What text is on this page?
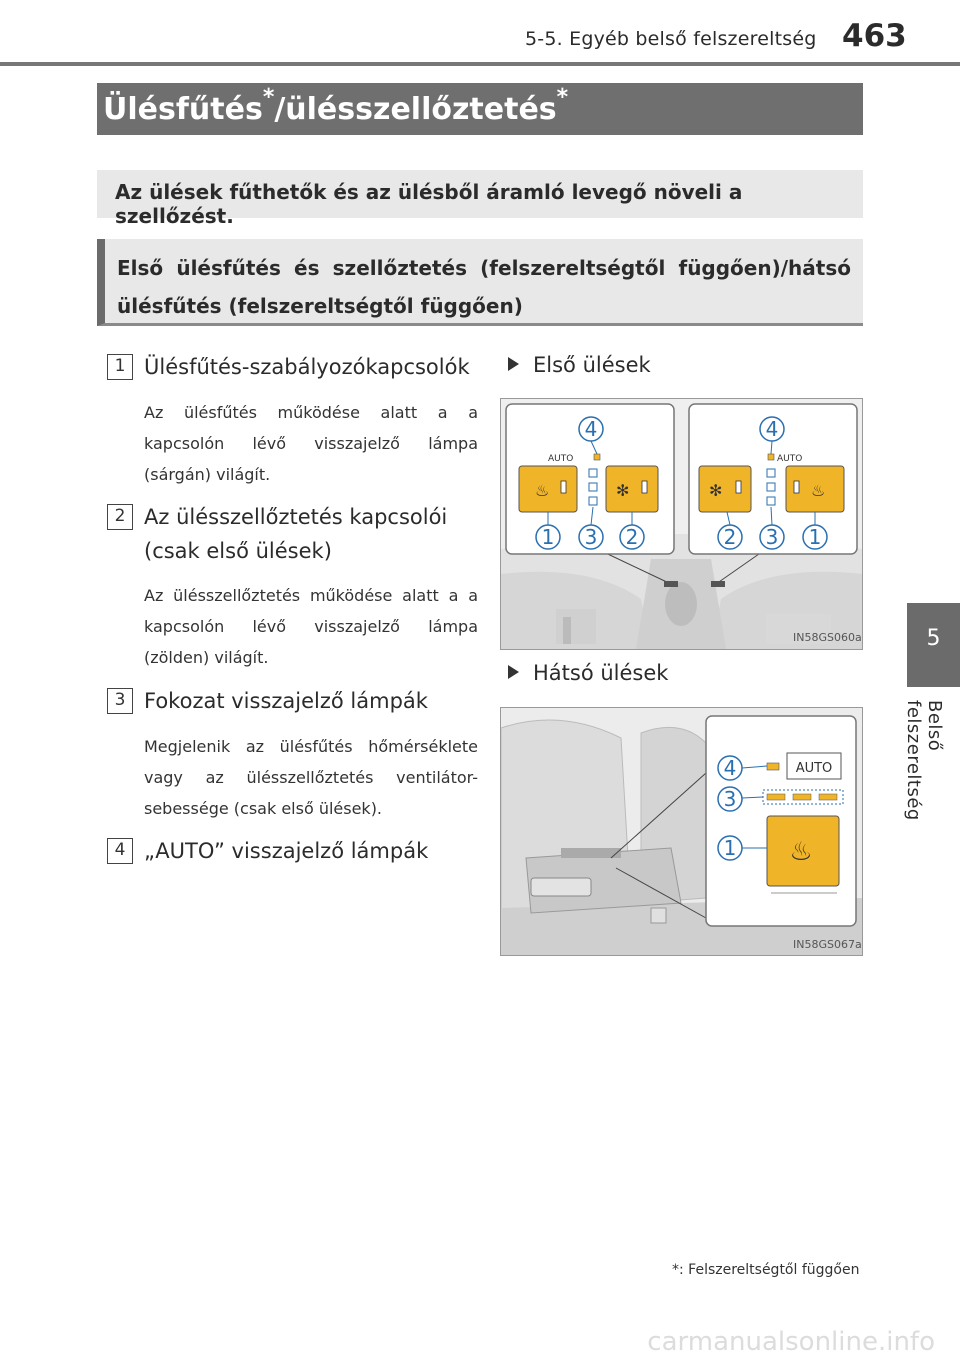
5-5. Egyéb belső felszereltség 463
5
Belső felszereltség
Ülésfűtés*/ülésszellőztetés*
Az ülések fűthetők és az ülésből áramló levegő növeli a szellőzést.
Első ülésfűtés és szellőztetés (felszereltségtől függően)/hátsó ülésfűtés (felszereltségtől függően)
1 Ülésfűtés-szabályozókapcsolók
Az ülésfűtés működése alatt a a kapcsolón lévő visszajelző lámpa (sárgán) világít.
2 Az ülésszellőztetés kapcsolói (csak első ülések)
Az ülésszellőztetés működése alatt a a kapcsolón lévő visszajelző lámpa (zölden) világít.
3 Fokozat visszajelző lámpák
Megjelenik az ülésfűtés hőmérséklete vagy az ülésszellőztetés ventilátor-sebessége (csak első ülések).
4 „AUTO” visszajelző lámpák
Első ülések
AUTO
♨	✻
AUTO
✻	♨
4
1 3 2
4
2 3 1
IN58GS060a
Hátsó ülések
AUTO
♨
4
3
1
IN58GS067a
*: Felszereltségtől függően
carmanualsonline.info
